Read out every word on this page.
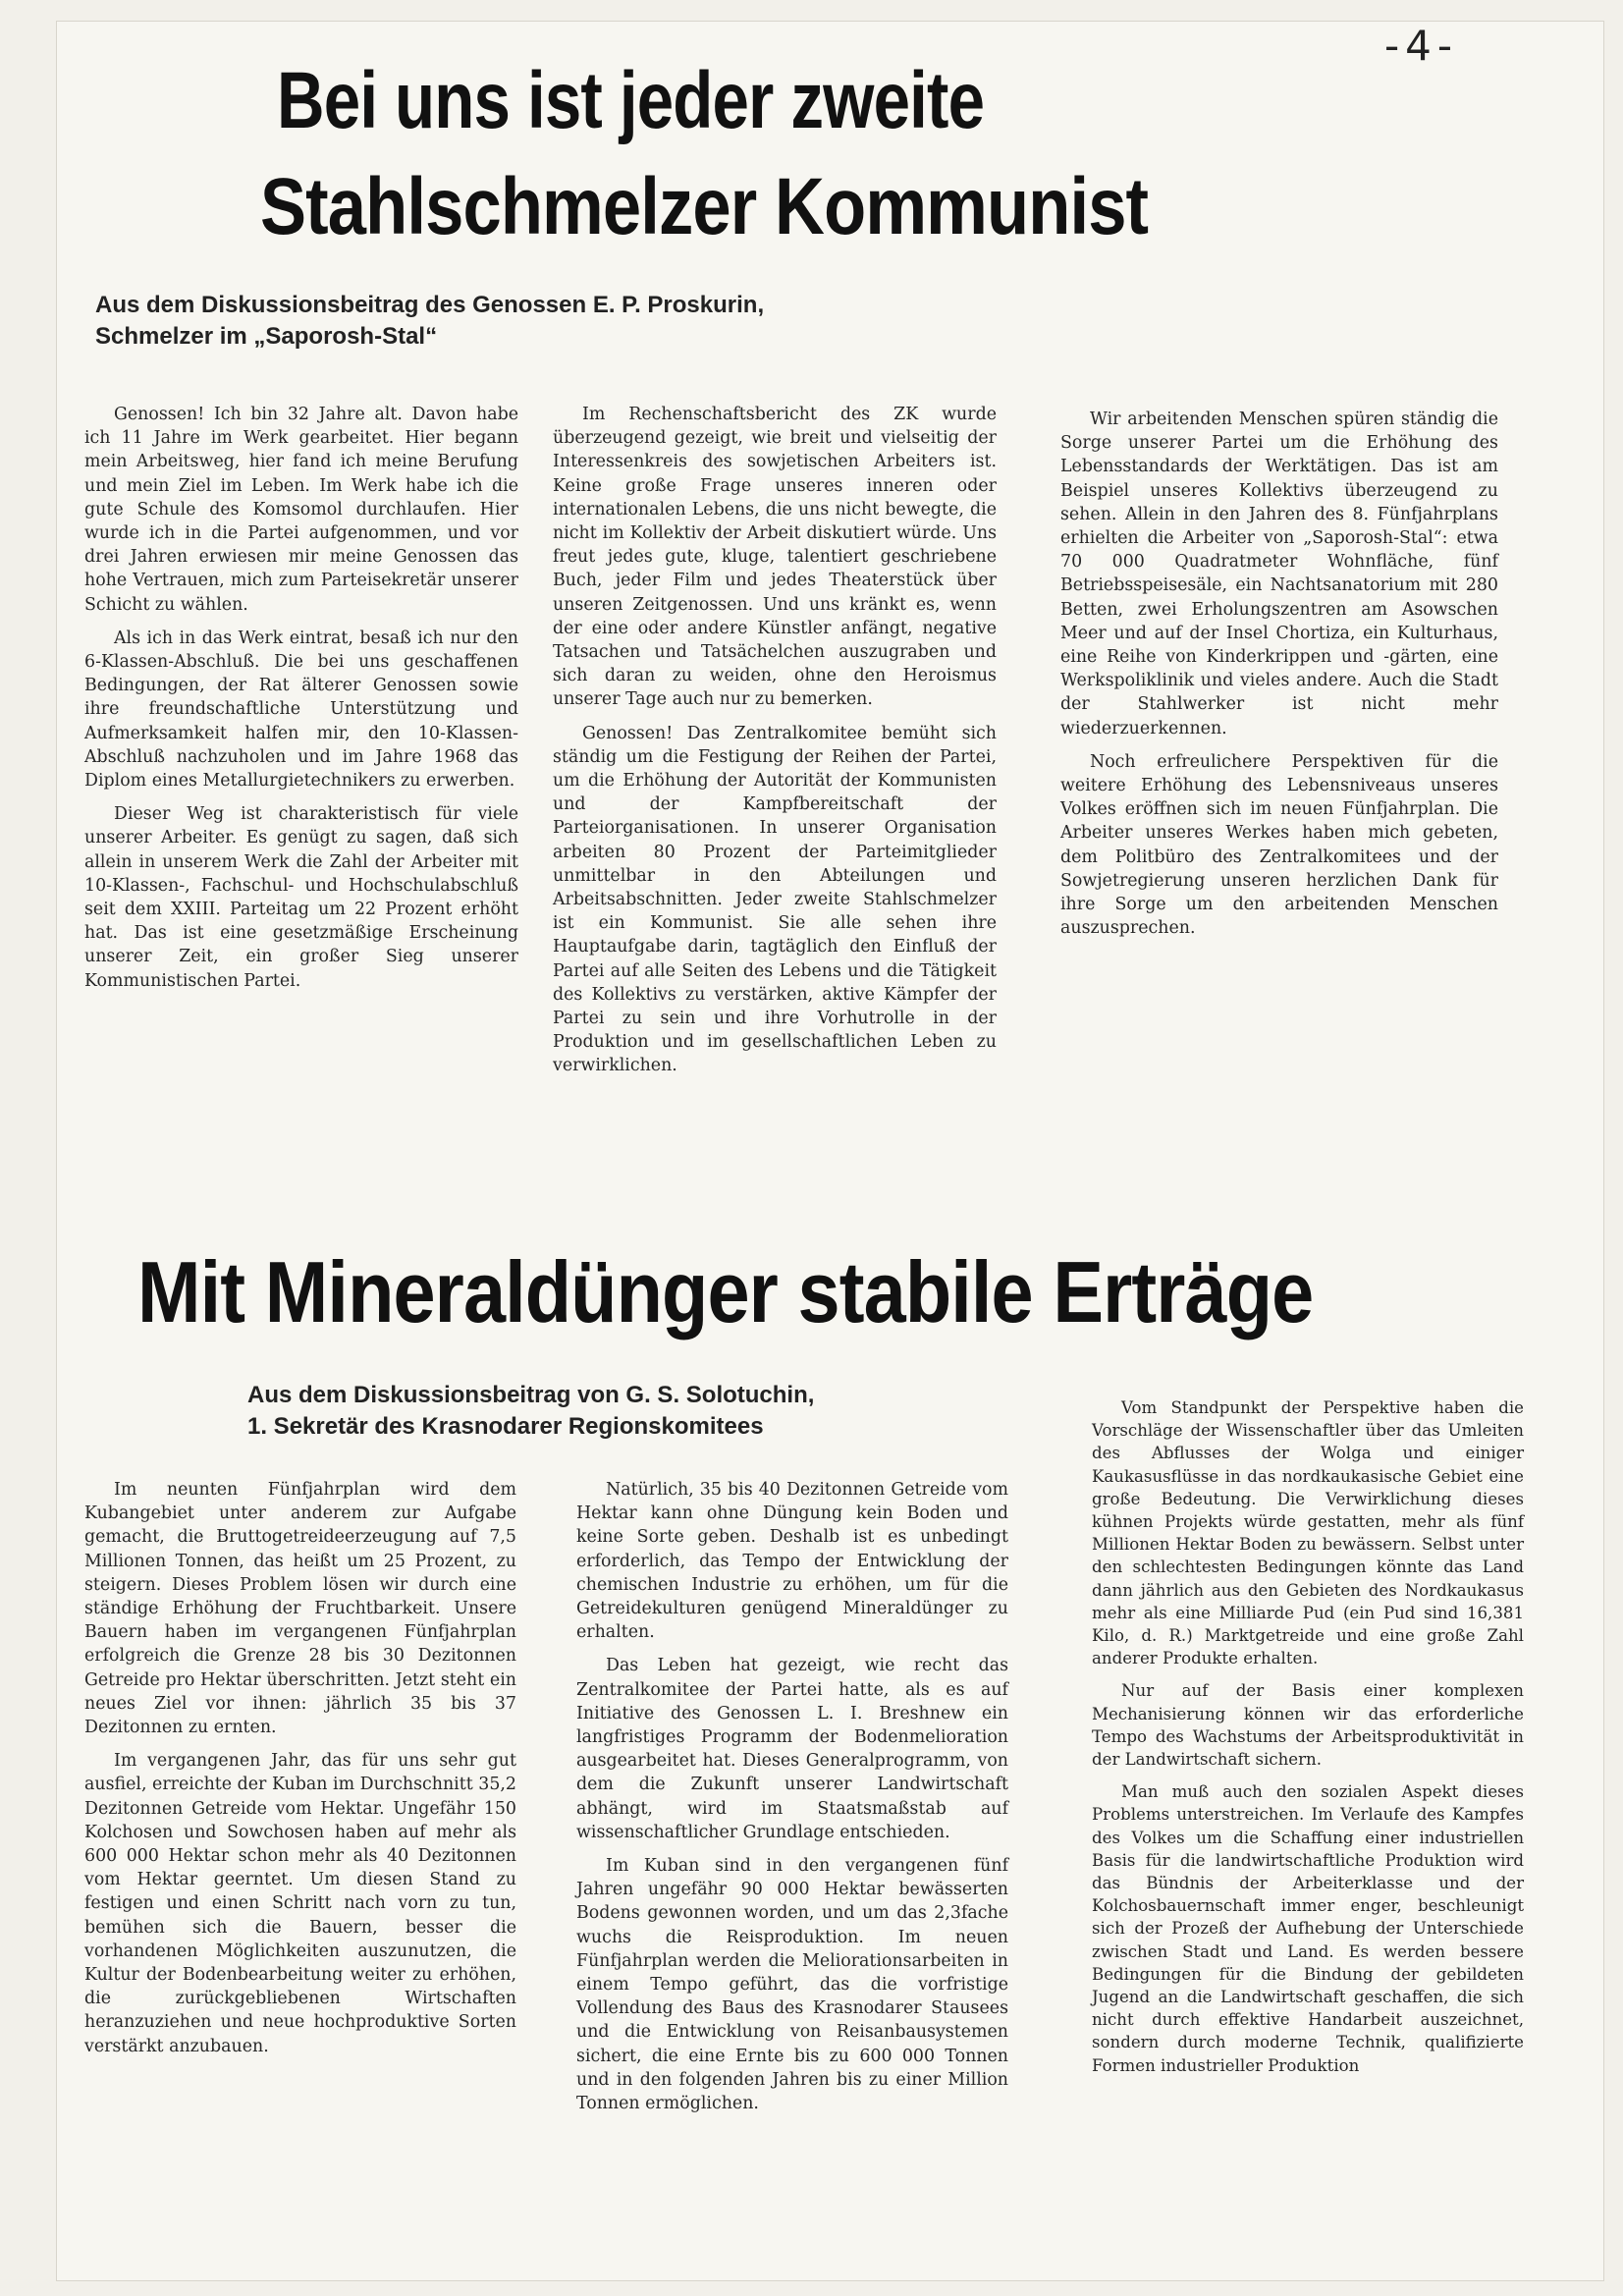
-4-
Bei uns ist jeder zweite
Stahlschmelzer Kommunist
Aus dem Diskussionsbeitrag des Genossen E. P. Proskurin,
Schmelzer im „Saporosh-Stal“

Genossen! Ich bin 32 Jahre alt. Davon habe ich 11 Jahre im Werk gearbeitet. Hier begann mein Arbeitsweg, hier fand ich meine Berufung und mein Ziel im Leben. Im Werk habe ich die gute Schule des Komsomol durchlaufen. Hier wurde ich in die Partei aufgenommen, und vor drei Jahren erwiesen mir meine Genossen das hohe Vertrauen, mich zum Parteisekretär unserer Schicht zu wählen.

Als ich in das Werk eintrat, besaß ich nur den 6-Klassen-Abschluß. Die bei uns geschaffenen Bedingungen, der Rat älterer Genossen sowie ihre freundschaftliche Unterstützung und Aufmerksamkeit halfen mir, den 10-Klassen-Abschluß nachzuholen und im Jahre 1968 das Diplom eines Metallurgietechnikers zu erwerben.

Dieser Weg ist charakteristisch für viele unserer Arbeiter. Es genügt zu sagen, daß sich allein in unserem Werk die Zahl der Arbeiter mit 10-Klassen-, Fachschul- und Hochschulabschluß seit dem XXIII. Parteitag um 22 Prozent erhöht hat. Das ist eine gesetzmäßige Erscheinung unserer Zeit, ein großer Sieg unserer Kommunistischen Partei.

Im Rechenschaftsbericht des ZK wurde überzeugend gezeigt, wie breit und vielseitig der Interessenkreis des sowjetischen Arbeiters ist. Keine große Frage unseres inneren oder internationalen Lebens, die uns nicht bewegte, die nicht im Kollektiv der Arbeit diskutiert würde. Uns freut jedes gute, kluge, talentiert geschriebene Buch, jeder Film und jedes Theaterstück über unseren Zeitgenossen. Und uns kränkt es, wenn der eine oder andere Künstler anfängt, negative Tatsachen und Tatsächelchen auszugraben und sich daran zu weiden, ohne den Heroismus unserer Tage auch nur zu bemerken.

Genossen! Das Zentralkomitee bemüht sich ständig um die Festigung der Reihen der Partei, um die Erhöhung der Autorität der Kommunisten und der Kampfbereitschaft der Parteiorganisationen. In unserer Organisation arbeiten 80 Prozent der Parteimitglieder unmittelbar in den Abteilungen und Arbeitsabschnitten. Jeder zweite Stahlschmelzer ist ein Kommunist. Sie alle sehen ihre Hauptaufgabe darin, tagtäglich den Einfluß der Partei auf alle Seiten des Lebens und die Tätigkeit des Kollektivs zu verstärken, aktive Kämpfer der Partei zu sein und ihre Vorhutrolle in der Produktion und im gesellschaftlichen Leben zu verwirklichen.

Wir arbeitenden Menschen spüren ständig die Sorge unserer Partei um die Erhöhung des Lebensstandards der Werktätigen. Das ist am Beispiel unseres Kollektivs überzeugend zu sehen. Allein in den Jahren des 8. Fünfjahrplans erhielten die Arbeiter von „Saporosh-Stal“: etwa 70 000 Quadratmeter Wohnfläche, fünf Betriebsspeisesäle, ein Nachtsanatorium mit 280 Betten, zwei Erholungszentren am Asowschen Meer und auf der Insel Chortiza, ein Kulturhaus, eine Reihe von Kinderkrippen und -gärten, eine Werkspoliklinik und vieles andere. Auch die Stadt der Stahlwerker ist nicht mehr wiederzuerkennen.

Noch erfreulichere Perspektiven für die weitere Erhöhung des Lebensniveaus unseres Volkes eröffnen sich im neuen Fünfjahrplan. Die Arbeiter unseres Werkes haben mich gebeten, dem Politbüro des Zentralkomitees und der Sowjetregierung unseren herzlichen Dank für ihre Sorge um den arbeitenden Menschen auszusprechen.

Mit Mineraldünger stabile Erträge
Aus dem Diskussionsbeitrag von G. S. Solotuchin,
1. Sekretär des Krasnodarer Regionskomitees

Im neunten Fünfjahrplan wird dem Kubangebiet unter anderem zur Aufgabe gemacht, die Bruttogetreideerzeugung auf 7,5 Millionen Tonnen, das heißt um 25 Prozent, zu steigern. Dieses Problem lösen wir durch eine ständige Erhöhung der Fruchtbarkeit. Unsere Bauern haben im vergangenen Fünfjahrplan erfolgreich die Grenze 28 bis 30 Dezitonnen Getreide pro Hektar überschritten. Jetzt steht ein neues Ziel vor ihnen: jährlich 35 bis 37 Dezitonnen zu ernten.

Im vergangenen Jahr, das für uns sehr gut ausfiel, erreichte der Kuban im Durchschnitt 35,2 Dezitonnen Getreide vom Hektar. Ungefähr 150 Kolchosen und Sowchosen haben auf mehr als 600 000 Hektar schon mehr als 40 Dezitonnen vom Hektar geerntet. Um diesen Stand zu festigen und einen Schritt nach vorn zu tun, bemühen sich die Bauern, besser die vorhandenen Möglichkeiten auszunutzen, die Kultur der Bodenbearbeitung weiter zu erhöhen, die zurückgebliebenen Wirtschaften heranzuziehen und neue hochproduktive Sorten verstärkt anzubauen.

Natürlich, 35 bis 40 Dezitonnen Getreide vom Hektar kann ohne Düngung kein Boden und keine Sorte geben. Deshalb ist es unbedingt erforderlich, das Tempo der Entwicklung der chemischen Industrie zu erhöhen, um für die Getreidekulturen genügend Mineraldünger zu erhalten.

Das Leben hat gezeigt, wie recht das Zentralkomitee der Partei hatte, als es auf Initiative des Genossen L. I. Breshnew ein langfristiges Programm der Bodenmelioration ausgearbeitet hat. Dieses Generalprogramm, von dem die Zukunft unserer Landwirtschaft abhängt, wird im Staatsmaßstab auf wissenschaftlicher Grundlage entschieden.

Im Kuban sind in den vergangenen fünf Jahren ungefähr 90 000 Hektar bewässerten Bodens gewonnen worden, und um das 2,3fache wuchs die Reisproduktion. Im neuen Fünfjahrplan werden die Meliorationsarbeiten in einem Tempo geführt, das die vorfristige Vollendung des Baus des Krasnodarer Stausees und die Entwicklung von Reisanbausystemen sichert, die eine Ernte bis zu 600 000 Tonnen und in den folgenden Jahren bis zu einer Million Tonnen ermöglichen.

Vom Standpunkt der Perspektive haben die Vorschläge der Wissenschaftler über das Umleiten des Abflusses der Wolga und einiger Kaukasusflüsse in das nordkaukasische Gebiet eine große Bedeutung. Die Verwirklichung dieses kühnen Projekts würde gestatten, mehr als fünf Millionen Hektar Boden zu bewässern. Selbst unter den schlechtesten Bedingungen könnte das Land dann jährlich aus den Gebieten des Nordkaukasus mehr als eine Milliarde Pud (ein Pud sind 16,381 Kilo, d. R.) Marktgetreide und eine große Zahl anderer Produkte erhalten.

Nur auf der Basis einer komplexen Mechanisierung können wir das erforderliche Tempo des Wachstums der Arbeitsproduktivität in der Landwirtschaft sichern.

Man muß auch den sozialen Aspekt dieses Problems unterstreichen. Im Verlaufe des Kampfes des Volkes um die Schaffung einer industriellen Basis für die landwirtschaftliche Produktion wird das Bündnis der Arbeiterklasse und der Kolchosbauernschaft immer enger, beschleunigt sich der Prozeß der Aufhebung der Unterschiede zwischen Stadt und Land. Es werden bessere Bedingungen für die Bindung der gebildeten Jugend an die Landwirtschaft geschaffen, die sich nicht durch effektive Handarbeit auszeichnet, sondern durch moderne Technik, qualifizierte Formen industrieller Produktion
